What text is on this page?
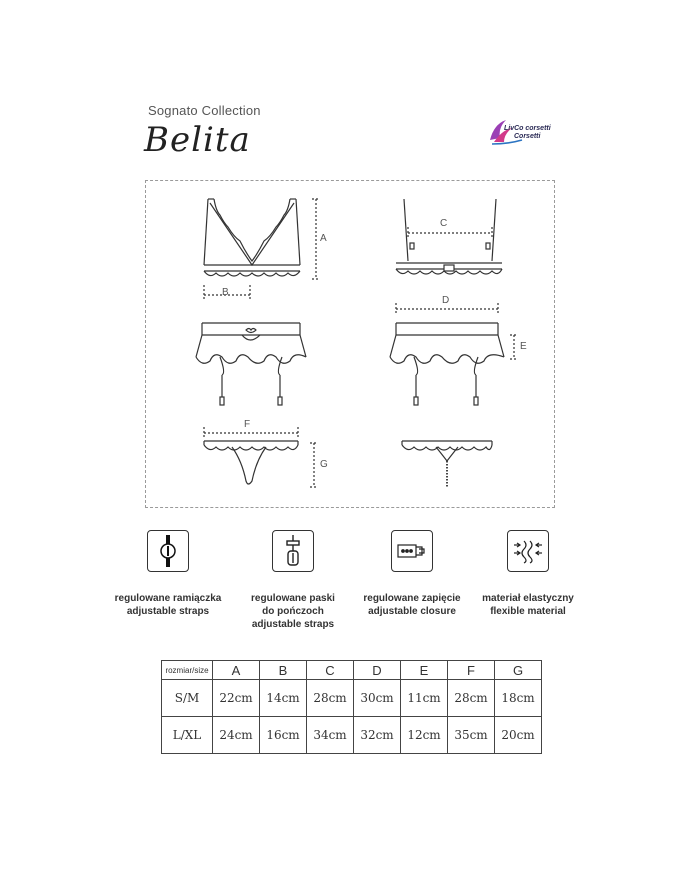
Sognato Collection
Belita	LivCo corsetti
Corsetti
A
B
C
D
E
F
G
regulowane ramiączka
adjustable straps
regulowane paski
do pończoch
adjustable straps
regulowane zapięcie
adjustable closure
materiał elastyczny
flexible material
rozmiar/size	A	B	C	D	E	F	G
S/M	22cm	14cm	28cm	30cm	11cm	28cm	18cm
L/XL	24cm	16cm	34cm	32cm	12cm	35cm	20cm
